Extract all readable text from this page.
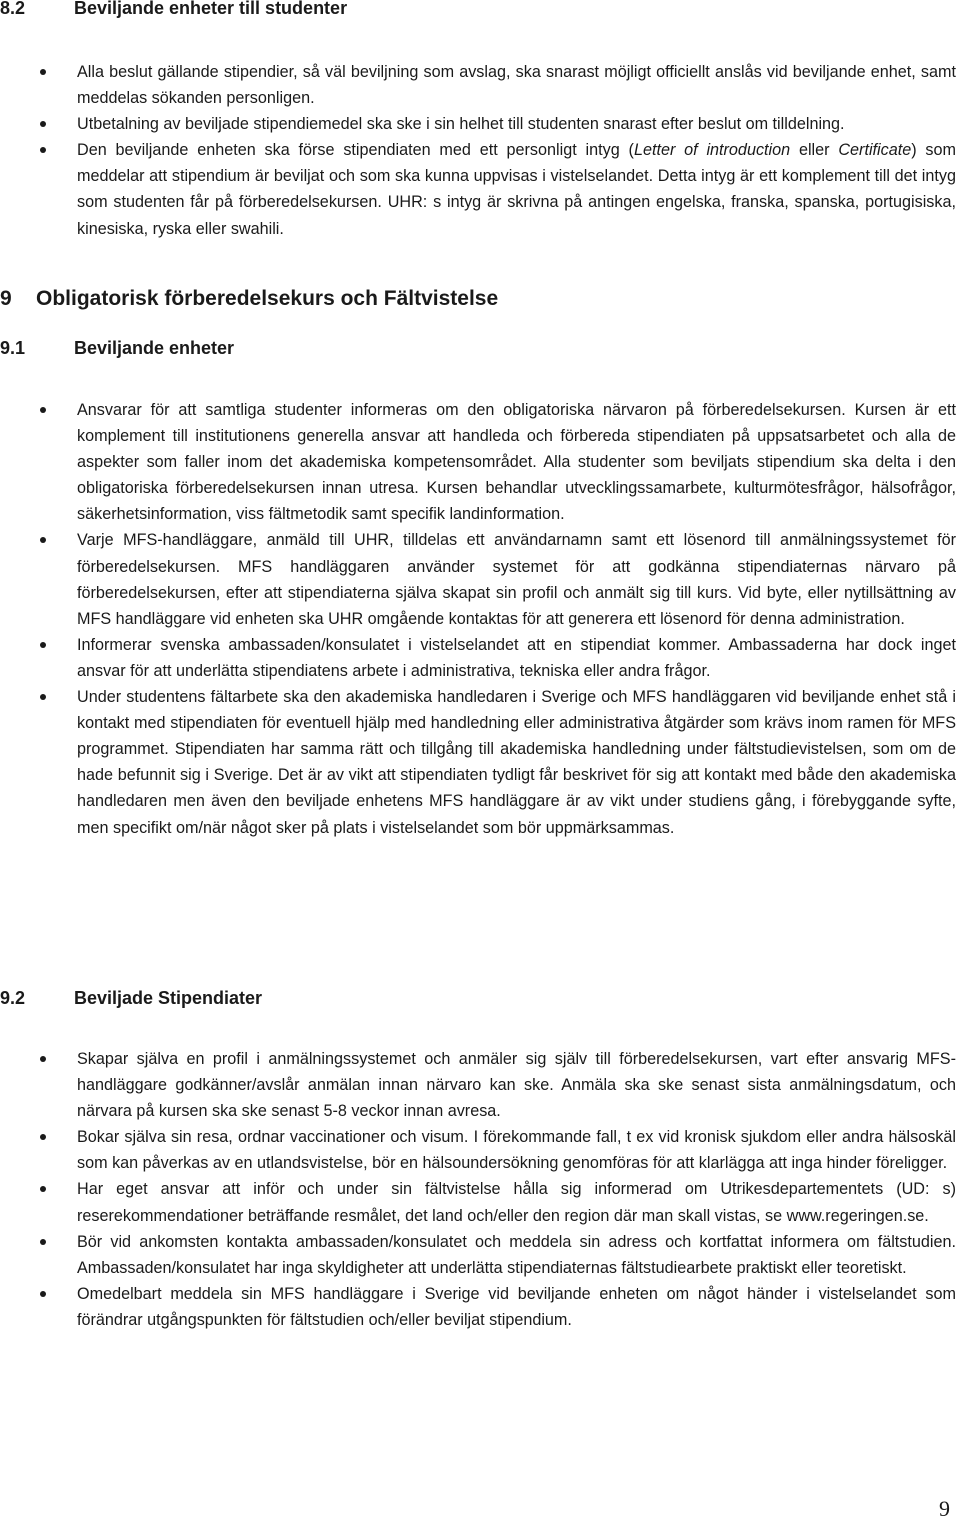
8.2	Beviljande enheter till studenter
Alla beslut gällande stipendier, så väl beviljning som avslag, ska snarast möjligt officiellt anslås vid beviljande enhet, samt meddelas sökanden personligen.
Utbetalning av beviljade stipendiemedel ska ske i sin helhet till studenten snarast efter beslut om tilldelning.
Den beviljande enheten ska förse stipendiaten med ett personligt intyg (Letter of introduction eller Certificate) som meddelar att stipendium är beviljat och som ska kunna uppvisas i vistelselandet. Detta intyg är ett komplement till det intyg som studenten får på förberedelsekursen. UHR: s intyg är skrivna på antingen engelska, franska, spanska, portugisiska, kinesiska, ryska eller swahili.
9 Obligatorisk förberedelsekurs och Fältvistelse
9.1	Beviljande enheter
Ansvarar för att samtliga studenter informeras om den obligatoriska närvaron på förberedelsekursen. Kursen är ett komplement till institutionens generella ansvar att handleda och förbereda stipendiaten på uppsatsarbetet och alla de aspekter som faller inom det akademiska kompetensområdet. Alla studenter som beviljats stipendium ska delta i den obligatoriska förberedelsekursen innan utresa. Kursen behandlar utvecklingssamarbete, kulturmötesfrågor, hälsofrågor, säkerhetsinformation, viss fältmetodik samt specifik landinformation.
Varje MFS-handläggare, anmäld till UHR, tilldelas ett användarnamn samt ett lösenord till anmälningssystemet för förberedelsekursen. MFS handläggaren använder systemet för att godkänna stipendiaternas närvaro på förberedelsekursen, efter att stipendiaterna själva skapat sin profil och anmält sig till kurs. Vid byte, eller nytillsättning av MFS handläggare vid enheten ska UHR omgående kontaktas för att generera ett lösenord för denna administration.
Informerar svenska ambassaden/konsulatet i vistelselandet att en stipendiat kommer. Ambassaderna har dock inget ansvar för att underlätta stipendiatens arbete i administrativa, tekniska eller andra frågor.
Under studentens fältarbete ska den akademiska handledaren i Sverige och MFS handläggaren vid beviljande enhet stå i kontakt med stipendiaten för eventuell hjälp med handledning eller administrativa åtgärder som krävs inom ramen för MFS programmet. Stipendiaten har samma rätt och tillgång till akademiska handledning under fältstudievistelsen, som om de hade befunnit sig i Sverige. Det är av vikt att stipendiaten tydligt får beskrivet för sig att kontakt med både den akademiska handledaren men även den beviljade enhetens MFS handläggare är av vikt under studiens gång, i förebyggande syfte, men specifikt om/när något sker på plats i vistelselandet som bör uppmärksammas.
9.2	Beviljade Stipendiater
Skapar själva en profil i anmälningssystemet och anmäler sig själv till förberedelsekursen, vart efter ansvarig MFS-handläggare godkänner/avslår anmälan innan närvaro kan ske. Anmäla ska ske senast sista anmälningsdatum, och närvara på kursen ska ske senast 5-8 veckor innan avresa.
Bokar själva sin resa, ordnar vaccinationer och visum. I förekommande fall, t ex vid kronisk sjukdom eller andra hälsoskäl som kan påverkas av en utlandsvistelse, bör en hälsoundersökning genomföras för att klarlägga att inga hinder föreligger.
Har eget ansvar att inför och under sin fältvistelse hålla sig informerad om Utrikesdepartementets (UD: s) reserekommendationer beträffande resmålet, det land och/eller den region där man skall vistas, se www.regeringen.se.
Bör vid ankomsten kontakta ambassaden/konsulatet och meddela sin adress och kortfattat informera om fältstudien. Ambassaden/konsulatet har inga skyldigheter att underlätta stipendiaternas fältstudiearbete praktiskt eller teoretiskt.
Omedelbart meddela sin MFS handläggare i Sverige vid beviljande enheten om något händer i vistelselandet som förändrar utgångspunkten för fältstudien och/eller beviljat stipendium.
9
